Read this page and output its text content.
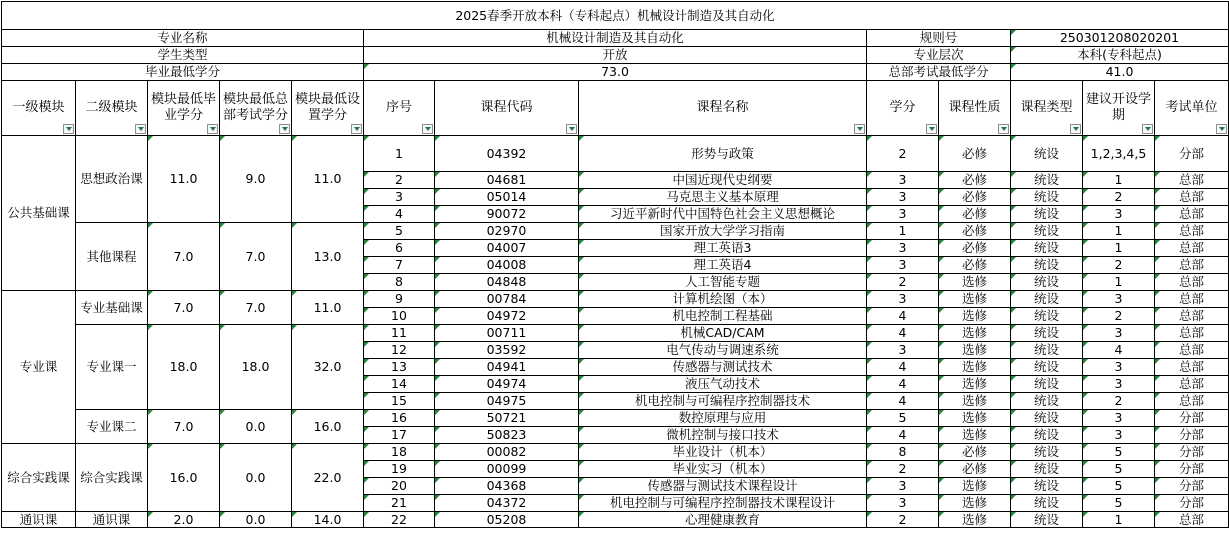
2025春季开放本科（专科起点）机械设计制造及其自动化												
专业名称					机械设计制造及其自动化			规则号		250301208020201		
学生类型					开放			专业层次		本科(专科起点)		
毕业最低学分					73.0			总部考试最低学分		41.0		
一级模块	二级模块	模块最低毕业学分	模块最低总部考试学分	模块最低设置学分	序号	课程代码	课程名称	学分	课程性质	课程类型	建议开设学期	考试单位

公共基础课	思想政治课	11.0	9.0	11.0	1	04392	形势与政策	2	必修	统设	1,2,3,4,5	分部
					2	04681	中国近现代史纲要	3	必修	统设	1	总部
					3	05014	马克思主义基本原理	3	必修	统设	2	总部
					4	90072	习近平新时代中国特色社会主义思想概论	3	必修	统设	3	总部
	其他课程	7.0	7.0	13.0	5	02970	国家开放大学学习指南	1	必修	统设	1	总部
					6	04007	理工英语3	3	必修	统设	1	总部
					7	04008	理工英语4	3	必修	统设	2	总部
					8	04848	人工智能专题	2	选修	统设	1	总部
专业课	专业基础课	7.0	7.0	11.0	9	00784	计算机绘图（本）	3	选修	统设	3	总部
					10	04972	机电控制工程基础	4	选修	统设	2	总部
	专业课一	18.0	18.0	32.0	11	00711	机械CAD/CAM	4	选修	统设	3	总部
					12	03592	电气传动与调速系统	3	选修	统设	4	总部
					13	04941	传感器与测试技术	4	选修	统设	3	总部
					14	04974	液压气动技术	4	选修	统设	3	总部
					15	04975	机电控制与可编程序控制器技术	4	选修	统设	2	总部
	专业课二	7.0	0.0	16.0	16	50721	数控原理与应用	5	选修	统设	3	分部
					17	50823	微机控制与接口技术	4	选修	统设	3	分部
综合实践课	综合实践课	16.0	0.0	22.0	18	00082	毕业设计（机本）	8	必修	统设	5	分部
					19	00099	毕业实习（机本）	2	必修	统设	5	分部
					20	04368	传感器与测试技术课程设计	3	选修	统设	5	分部
					21	04372	机电控制与可编程序控制器技术课程设计	3	选修	统设	5	分部
通识课	通识课	2.0	0.0	14.0	22	05208	心理健康教育	2	选修	统设	1	总部
